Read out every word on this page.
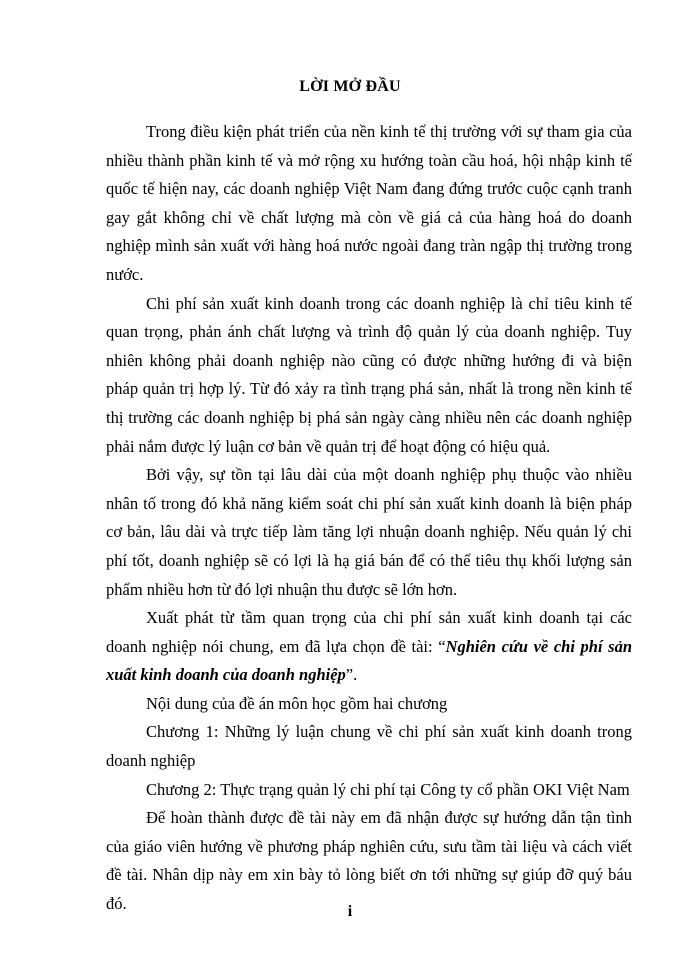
LỜI MỞ ĐẦU

Trong điều kiện phát triển của nền kinh tế thị trường với sự tham gia của nhiều thành phần kinh tế và mở rộng xu hướng toàn cầu hoá, hội nhập kinh tế quốc tế hiện nay, các doanh nghiệp Việt Nam đang đứng trước cuộc cạnh tranh gay gắt không chỉ về chất lượng mà còn về giá cả của hàng hoá do doanh nghiệp mình sản xuất với hàng hoá nước ngoài đang tràn ngập thị trường trong nước.

Chi phí sản xuất kinh doanh trong các doanh nghiệp là chỉ tiêu kinh tế quan trọng, phản ánh chất lượng và trình độ quản lý của doanh nghiệp. Tuy nhiên không phải doanh nghiệp nào cũng có được những hướng đi và biện pháp quản trị hợp lý. Từ đó xảy ra tình trạng phá sản, nhất là trong nền kinh tế thị trường các doanh nghiệp bị phá sản ngày càng nhiều nên các doanh nghiệp phải nắm được lý luận cơ bản về quản trị để hoạt động có hiệu quả.

Bởi vậy, sự tồn tại lâu dài của một doanh nghiệp phụ thuộc vào nhiều nhân tố trong đó khả năng kiểm soát chi phí sản xuất kinh doanh là biện pháp cơ bản, lâu dài và trực tiếp làm tăng lợi nhuận doanh nghiệp. Nếu quản lý chi phí tốt, doanh nghiệp sẽ có lợi là hạ giá bán để có thể tiêu thụ khối lượng sản phẩm nhiều hơn từ đó lợi nhuận thu được sẽ lớn hơn.

Xuất phát từ tầm quan trọng của chi phí sản xuất kinh doanh tại các doanh nghiệp nói chung, em đã lựa chọn đề tài: “Nghiên cứu về chi phí sản xuất kinh doanh của doanh nghiệp”.

Nội dung của đề án môn học gồm hai chương

Chương 1: Những lý luận chung về chi phí sản xuất kinh doanh trong doanh nghiệp

Chương 2: Thực trạng quản lý chi phí tại Công ty cổ phần OKI Việt Nam

Để hoàn thành được đề tài này em đã nhận được sự hướng dẫn tận tình của giáo viên hướng về phương pháp nghiên cứu, sưu tầm tài liệu và cách viết đề tài. Nhân dịp này em xin bày tỏ lòng biết ơn tới những sự giúp đỡ quý báu đó.	i
